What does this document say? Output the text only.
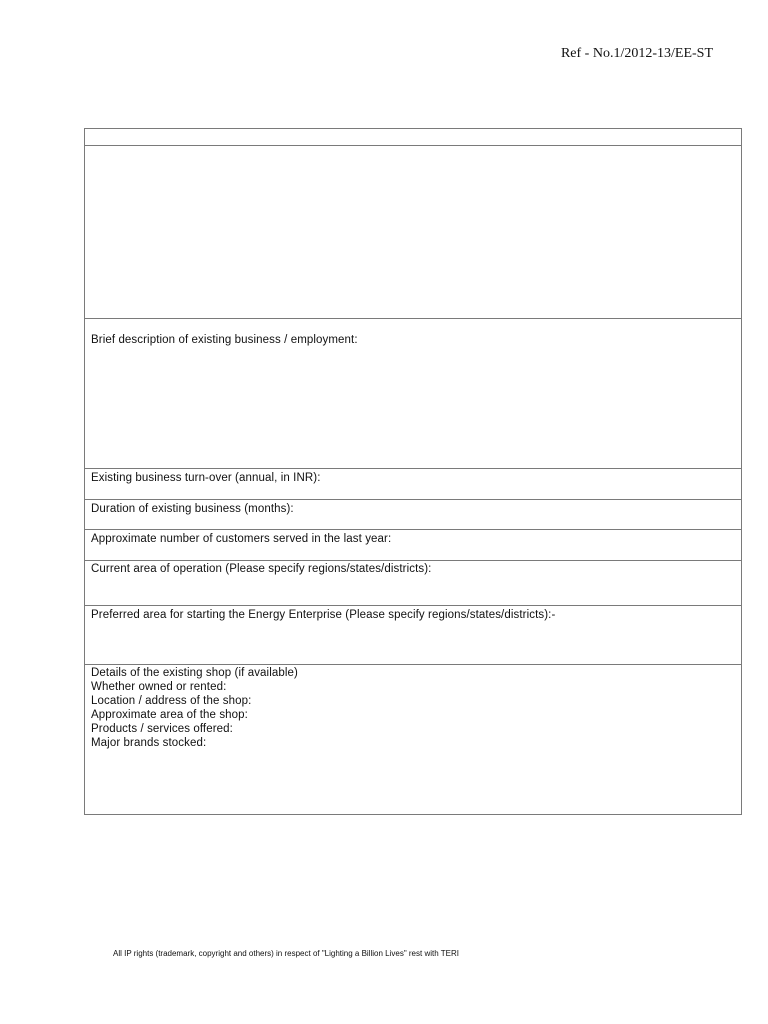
Ref - No.1/2012-13/EE-ST
Brief description of existing business / employment:
Existing business turn-over (annual, in INR):
Duration of existing business (months):
Approximate number of customers served in the last year:
Current area of operation (Please specify regions/states/districts):
Preferred area for starting the Energy Enterprise (Please specify regions/states/districts):-
Details of the existing shop (if available)
Whether owned or rented:
Location / address of the shop:
Approximate area of the shop:
Products / services offered:
Major brands stocked:
All IP rights (trademark, copyright and others) in respect of "Lighting a Billion Lives" rest with TERI
